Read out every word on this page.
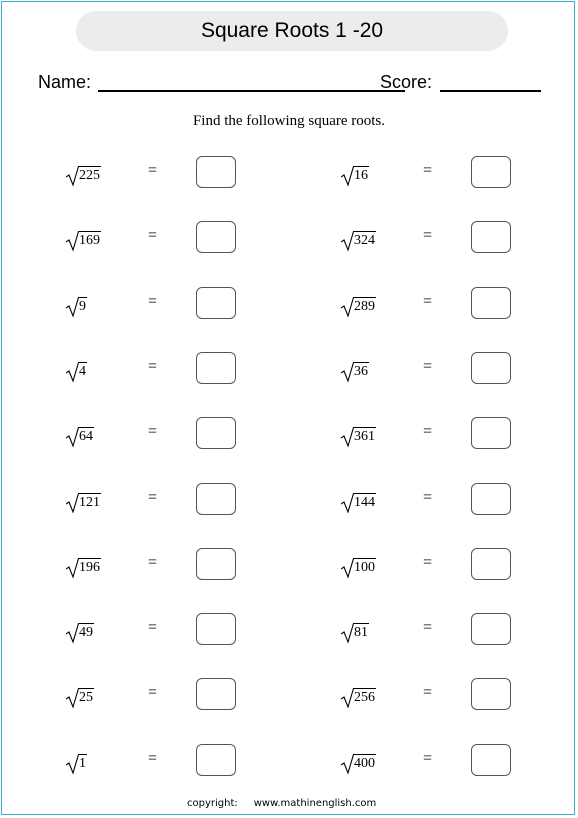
Square Roots 1 -20
Name:	Score:
Find the following square roots.
225	=	16	=
169	=	324	=
9	=	289	=
4	=	36	=
64	=	361	=
121	=	144	=
196	=	100	=
49	=	81	=
25	=	256	=
1	=	400	=
copyright: www.mathinenglish.com
